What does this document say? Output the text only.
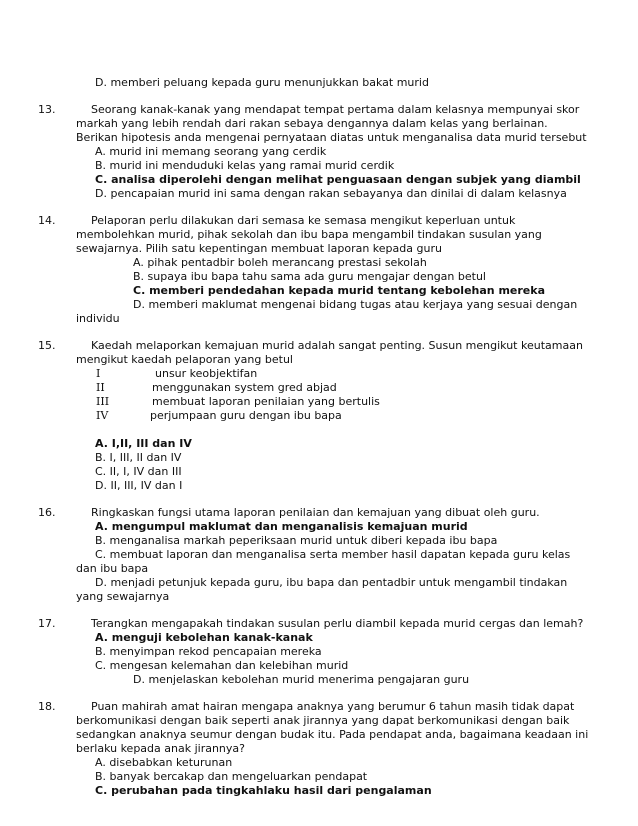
D. memberi peluang kepada guru menunjukkan bakat murid
13.	Seorang kanak-kanak yang mendapat tempat pertama dalam kelasnya mempunyai skor
markah yang lebih rendah dari rakan sebaya dengannya dalam kelas yang berlainan.
Berikan hipotesis anda mengenai pernyataan diatas untuk menganalisa data murid tersebut
A. murid ini memang seorang yang cerdik
B. murid ini menduduki kelas yang ramai murid cerdik
C. analisa diperolehi dengan melihat penguasaan dengan subjek yang diambil
D. pencapaian murid ini sama dengan rakan sebayanya dan dinilai di dalam kelasnya
14.	Pelaporan perlu dilakukan dari semasa ke semasa mengikut keperluan untuk
membolehkan murid, pihak sekolah dan ibu bapa mengambil tindakan susulan yang
sewajarnya. Pilih satu kepentingan membuat laporan kepada guru
A. pihak pentadbir boleh merancang prestasi sekolah
B. supaya ibu bapa tahu sama ada guru mengajar dengan betul
C. memberi pendedahan kepada murid tentang kebolehan mereka
D. memberi maklumat mengenai bidang tugas atau kerjaya yang sesuai dengan
individu
15.	Kaedah melaporkan kemajuan murid adalah sangat penting. Susun mengikut keutamaan
mengikut kaedah pelaporan yang betul
I	unsur keobjektifan
II	menggunakan system gred abjad
III	membuat laporan penilaian yang bertulis
IV	perjumpaan guru dengan ibu bapa
A. I,II, III dan IV
B. I, III, II dan IV
C. II, I, IV dan III
D. II, III, IV dan I
16.	Ringkaskan fungsi utama laporan penilaian dan kemajuan yang dibuat oleh guru.
A. mengumpul maklumat dan menganalisis kemajuan murid
B. menganalisa markah peperiksaan murid untuk diberi kepada ibu bapa
C. membuat laporan dan menganalisa serta member hasil dapatan kepada guru kelas
dan ibu bapa
D. menjadi petunjuk kepada guru, ibu bapa dan pentadbir untuk mengambil tindakan
yang sewajarnya
17.	Terangkan mengapakah tindakan susulan perlu diambil kepada murid cergas dan lemah?
A. menguji kebolehan kanak-kanak
B. menyimpan rekod pencapaian mereka
C. mengesan kelemahan dan kelebihan murid
D. menjelaskan kebolehan murid menerima pengajaran guru
18.	Puan mahirah amat hairan mengapa anaknya yang berumur 6 tahun masih tidak dapat
berkomunikasi dengan baik seperti anak jirannya yang dapat berkomunikasi dengan baik
sedangkan anaknya seumur dengan budak itu. Pada pendapat anda, bagaimana keadaan ini
berlaku kepada anak jirannya?
A. disebabkan keturunan
B. banyak bercakap dan mengeluarkan pendapat
C. perubahan pada tingkahlaku hasil dari pengalaman
